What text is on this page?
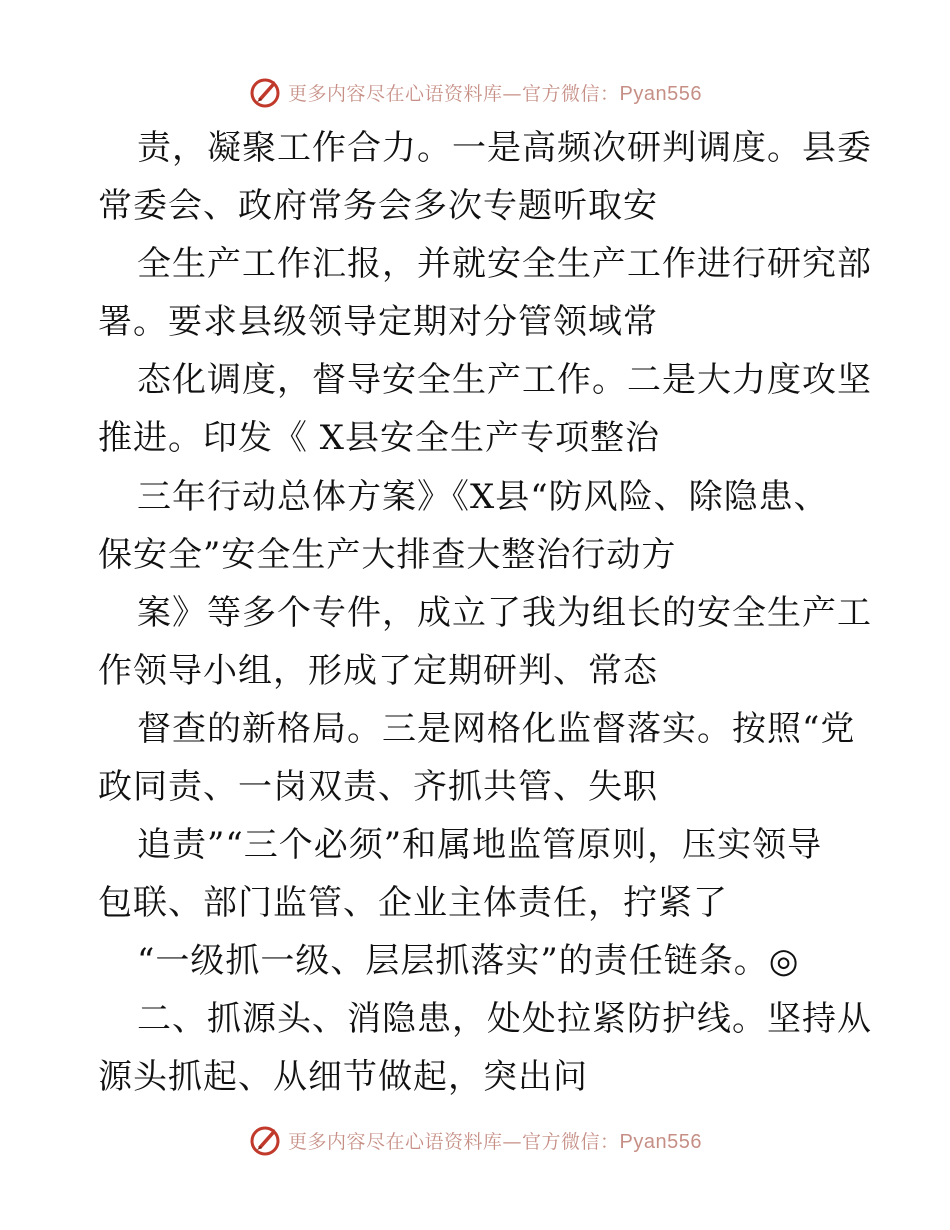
更多内容尽在心语资料库—官方微信：Pyan556
责，凝聚工作合力。一是高频次研判调度。县委
常委会、政府常务会多次专题听取安
全生产工作汇报，并就安全生产工作进行研究部
署。要求县级领导定期对分管领域常
态化调度，督导安全生产工作。二是大力度攻坚
推进。印发《 X县安全生产专项整治
三年行动总体方案》《X县“防风险、除隐患、
保安全”安全生产大排查大整治行动方
案》等多个专件，成立了我为组长的安全生产工
作领导小组，形成了定期研判、常态
督查的新格局。三是网格化监督落实。按照“党
政同责、一岗双责、齐抓共管、失职
追责”“三个必须”和属地监管原则，压实领导
包联、部门监管、企业主体责任，拧紧了
“一级抓一级、层层抓落实”的责任链条。◎
二、抓源头、消隐患，处处拉紧防护线。坚持从
源头抓起、从细节做起，突出问
更多内容尽在心语资料库—官方微信：Pyan556
